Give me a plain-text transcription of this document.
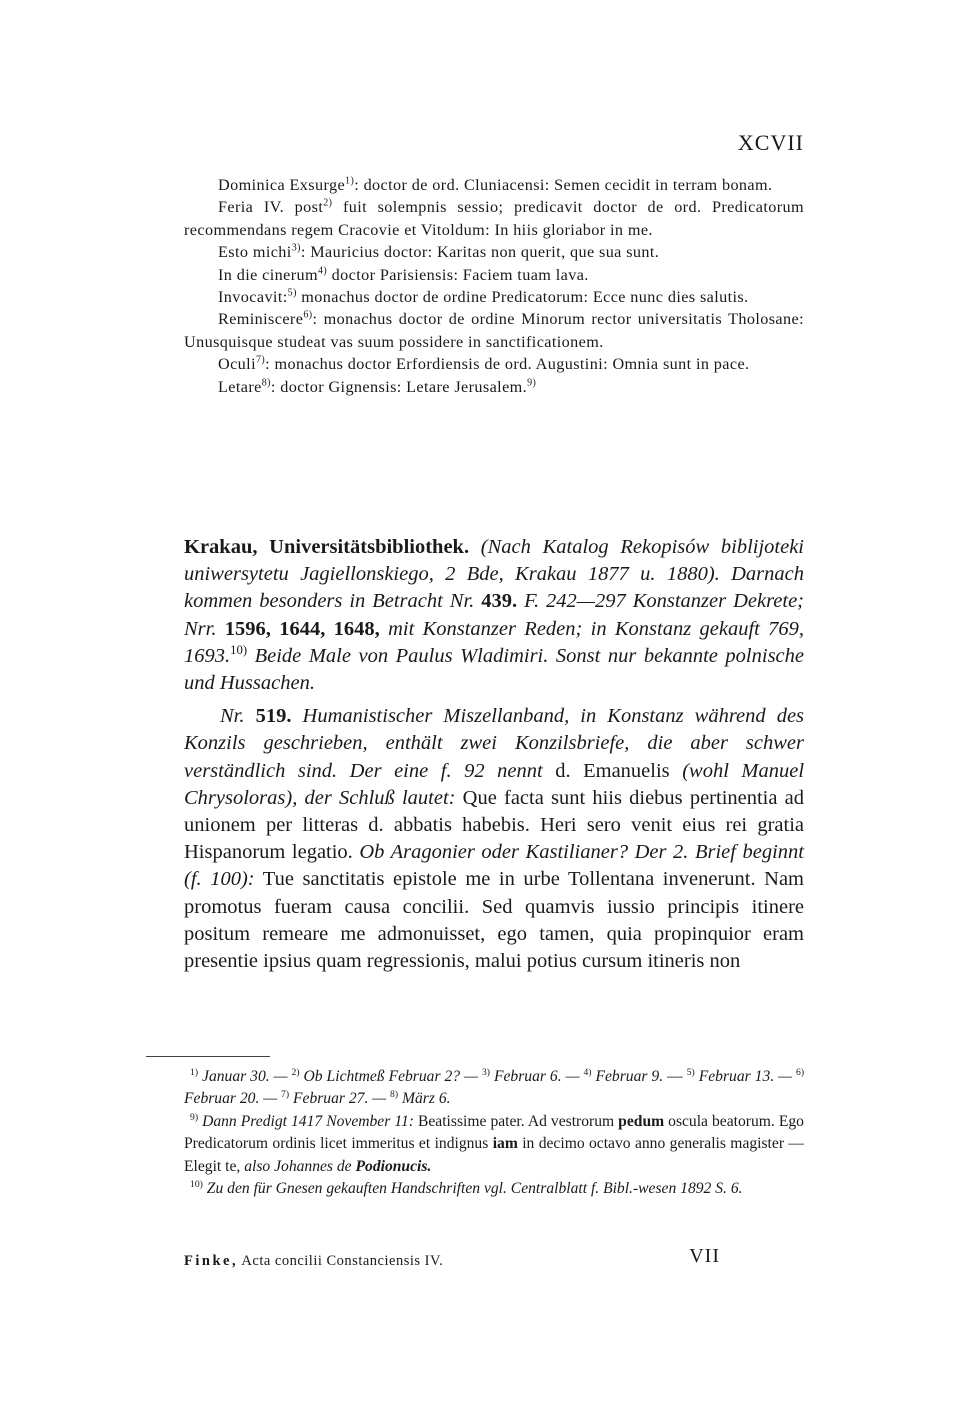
XCVII

Dominica Exsurge$^{1)}$: doctor de ord. Cluniacensi: Semen cecidit in terram bonam.

Feria IV. post$^{2)}$ fuit solempnis sessio; predicavit doctor de ord. Predicatorum recommendans regem Cracovie et Vitoldum: In hiis gloriabor in me.

Esto michi$^{3)}$: Mauricius doctor: Karitas non querit, que sua sunt.

In die cinerum$^{4)}$ doctor Parisiensis: Faciem tuam lava.

Invocavit:$^{5)}$ monachus doctor de ordine Predicatorum: Ecce nunc dies salutis.

Reminiscere$^{6)}$: monachus doctor de ordine Minorum rector universitatis Tholosane: Unusquisque studeat vas suum possidere in sanctificationem.

Oculi$^{7)}$: monachus doctor Erfordiensis de ord. Augustini: Omnia sunt in pace.

Letare$^{8)}$: doctor Gignensis: Letare Jerusalem.$^{9)}$

Krakau, Universitätsbibliothek. (Nach Katalog Rekopisów biblijoteki uniwersytetu Jagiellonskiego, 2 Bde, Krakau 1877 u. 1880). Darnach kommen besonders in Betracht Nr. 439. F. 242—297 Konstanzer Dekrete; Nrr. 1596, 1644, 1648, mit Konstanzer Reden; in Konstanz gekauft 769, 1693.$^{10)}$ Beide Male von Paulus Wladimiri. Sonst nur bekannte polnische und Hussachen.

Nr. 519. Humanistischer Miszellanband, in Konstanz während des Konzils geschrieben, enthält zwei Konzilsbriefe, die aber schwer verständlich sind. Der eine f. 92 nennt d. Emanuelis (wohl Manuel Chrysoloras), der Schluß lautet: Que facta sunt hiis diebus pertinentia ad unionem per litteras d. abbatis habebis. Heri sero venit eius rei gratia Hispanorum legatio. Ob Aragonier oder Kastilianer? Der 2. Brief beginnt (f. 100): Tue sanctitatis epistole me in urbe Tollentana invenerunt. Nam promotus fueram causa concilii. Sed quamvis iussio principis itinere positum remeare me admonuisset, ego tamen, quia propinquior eram presentie ipsius quam regressionis, malui potius cursum itineris non

$^{1)}$ Januar 30. — $^{2)}$ Ob Lichtmeß Februar 2? — $^{3)}$ Februar 6. — $^{4)}$ Februar 9. — $^{5)}$ Februar 13. — $^{6)}$ Februar 20. — $^{7)}$ Februar 27. — $^{8)}$ März 6.

$^{9)}$ Dann Predigt 1417 November 11: Beatissime pater. Ad vestrorum pedum oscula beatorum. Ego Predicatorum ordinis licet immeritus et indignus iam in decimo octavo anno generalis magister — Elegit te, also Johannes de Podionucis.

$^{10)}$ Zu den für Gnesen gekauften Handschriften vgl. Centralblatt f. Bibl.-wesen 1892 S. 6.

Finke, Acta concilii Constanciensis IV.	VII
